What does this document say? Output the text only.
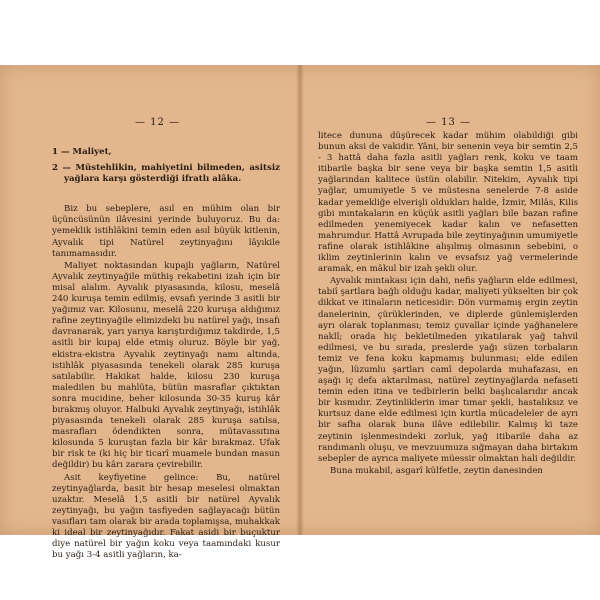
— 12 —

1 — Maliyet,

2 — Müstehlikin, mahiyetini bilmeden, asitsiz yağlara karşı gösterdiği ifratlı alâka.

Biz bu sebeplere, asıl en mühim olan bir üçüncüsünün ilâvesini yerinde buluyoruz. Bu da: yemeklik istihlâkini temin eden asıl büyük kitlenin, Ayvalık tipi Natürel zeytinyağını lâyıkile tanımamasıdır.

Maliyet noktasından kupajlı yağların, Natürel Ayvalık zeytinyağile müthiş rekabetini izah için bir misal alalım. Ayvalık piyasasında, kilosu, meselâ 240 kuruşa temin edilmiş, evsafı yerinde 3 asitli bir yağımız var. Kilosunu, meselâ 220 kuruşa aldığımız rafine zeytinyağile elimizdeki bu natürel yağı, insafı davranarak, yarı yarıya karıştırdığımız takdirde, 1,5 asitli bir kupaj elde etmiş oluruz. Böyle bir yağ, ekistra-ekistra Ayvalık zeytinyağı namı altında, istihlâk piyasasında tenekeli olarak 285 kuruşa satılabilir. Hakikat halde, kilosu 230 kuruşa maledilen bu mahlûta, bütün masraflar çıktıktan sonra mucidine, beher kilosunda 30-35 kuruş kâr bırakmış oluyor. Halbuki Ayvalık zeytinyağı, istihlâk piyasasında tenekeli olarak 285 kuruşa satılsa, masrafları ödendikten sonra, mütavassıtına kilosunda 5 kuruştan fazla bir kâr bırakmaz. Ufak bir risk te (ki hiç bir ticarî muamele bundan masun değildir) bu kârı zarara çevirebilir.

Asit keyfiyetine gelince: Bu, natürel zeytinyağlarda, basit bir hesap meselesi olmaktan uzaktır. Meselâ 1,5 asitli bir natürel Ayvalık zeytinyağı, bu yağın tasfiyeden sağlayacağı bütün vasıfları tam olarak bir arada toplamışsa, muhakkak ki ideal bir zeytinyağıdır. Fakat asidi bir buçuktur diye natürel bir yağın koku veya taamındaki kusur bu yağı 3-4 asitli yağların, ka-

— 13 —

litece dununa düşürecek kadar mühim olabildiği gibi bunun aksi de vakidir. Yâni, bir senenin veya bir semtin 2,5 - 3 hattâ daha fazla asitli yağları renk, koku ve taam itibarile başka bir sene veya bir başka semtin 1,5 asitli yağlarından kalitece üstün olabilir. Nitekim, Ayvalık tipi yağlar, umumiyetle 5 ve müstesna senelerde 7-8 aside kadar yemekliğe elverişli oldukları halde, İzmir, Milâs, Kilis gibi mıntakaların en küçük asitli yağları bile bazan rafine edilmeden yenemiyecek kadar kalın ve nefasetten mahrumdur. Hattâ Avrupada bile zeytinyağının umumiyetle rafine olarak istihlâkine alışılmış olmasının sebebini, o iklim zeytinlerinin kalın ve evsafsız yağ vermelerinde aramak, en mâkul bir izah şekli olur.

Ayvalık mıntakası için dahi, nefis yağların elde edilmesi, tabiî şartlara bağlı olduğu kadar, maliyeti yükselten bir çok dikkat ve itinaların neticesidir: Dön vurmamış ergin zeytin danelerinin, çürüklerinden, ve diplerde günlemişlerden ayrı olarak toplanması; temiz çuvallar içinde yağhanelere naklî; orada hiç bekletilmeden yıkatılarak yağ tahvil edilmesi, ve bu sırada, preslerde yağı süzen torbaların temiz ve fena koku kapmamış bulunması; elde edilen yağın, lüzumlu şartları camî depolarda muhafazası, en aşağı iç defa aktarılması, natürel zeytinyağlarda nefaseti temin eden itina ve tedbirlerin belki başlıcalarıdır ancak bir kısmıdır. Zeytinliklerin imar tımar şekli, hastalıksız ve kurtsuz dane elde edilmesi için kurtla mücadeleler de ayrı bir safha olarak buna ilâve edilebilir. Kalmış ki taze zeytinin işlenmesindeki zorluk, yağ itibarile daha az randımanlı oluşu, ve mevzuumuza sığmayan daha birtakım sebepler de ayrıca maliyete müessir olmaktan hali değildir.

Buna mukabil, asgarî külfetle, zeytin danesinden
